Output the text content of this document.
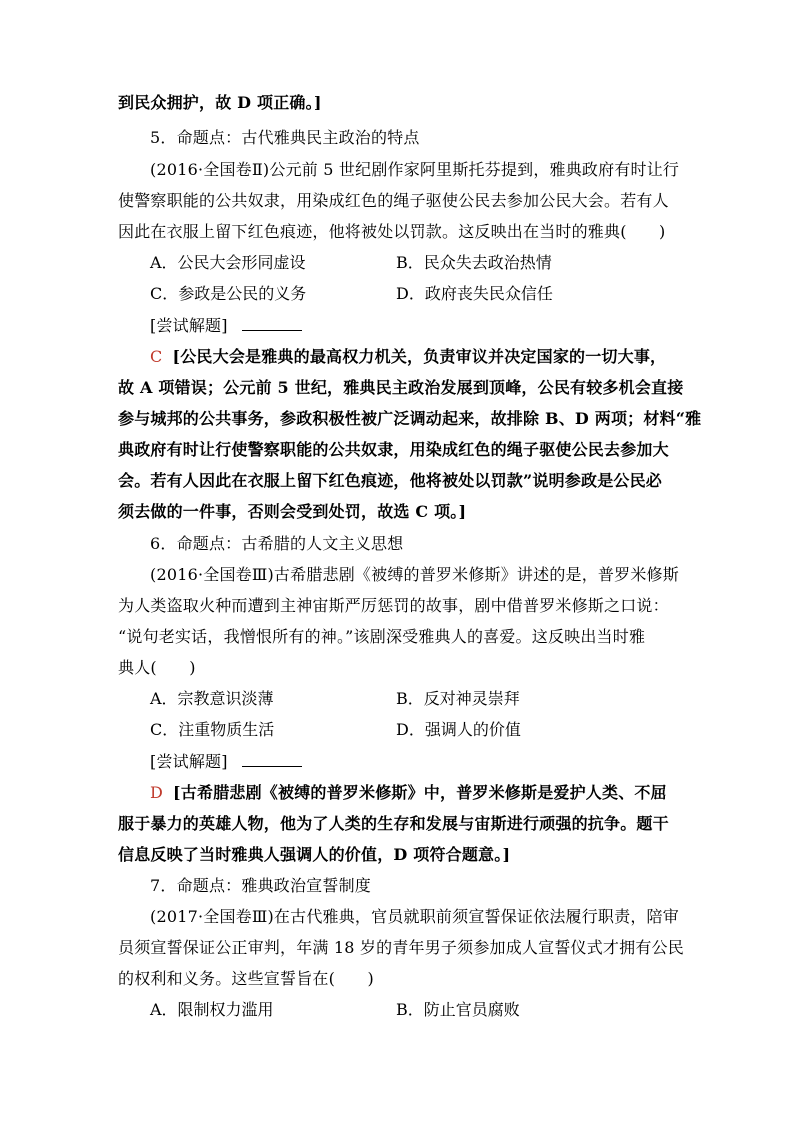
到民众拥护，故 D 项正确。]
5．命题点：古代雅典民主政治的特点
(2016·全国卷Ⅱ)公元前 5 世纪剧作家阿里斯托芬提到，雅典政府有时让行
使警察职能的公共奴隶，用染成红色的绳子驱使公民去参加公民大会。若有人
因此在衣服上留下红色痕迹，他将被处以罚款。这反映出在当时的雅典(　　)
A．公民大会形同虚设	B．民众失去政治热情
C．参政是公民的义务	D．政府丧失民众信任
[尝试解题]
C [公民大会是雅典的最高权力机关，负责审议并决定国家的一切大事，
故 A 项错误；公元前 5 世纪，雅典民主政治发展到顶峰，公民有较多机会直接
参与城邦的公共事务，参政积极性被广泛调动起来，故排除 B、D 两项；材料“雅
典政府有时让行使警察职能的公共奴隶，用染成红色的绳子驱使公民去参加大
会。若有人因此在衣服上留下红色痕迹，他将被处以罚款”说明参政是公民必
须去做的一件事，否则会受到处罚，故选 C 项。]
6．命题点：古希腊的人文主义思想
(2016·全国卷Ⅲ)古希腊悲剧《被缚的普罗米修斯》讲述的是，普罗米修斯
为人类盗取火种而遭到主神宙斯严厉惩罚的故事，剧中借普罗米修斯之口说：
“说句老实话，我憎恨所有的神。”该剧深受雅典人的喜爱。这反映出当时雅
典人(　　)
A．宗教意识淡薄	B．反对神灵崇拜
C．注重物质生活	D．强调人的价值
[尝试解题]
D [古希腊悲剧《被缚的普罗米修斯》中，普罗米修斯是爱护人类、不屈
服于暴力的英雄人物，他为了人类的生存和发展与宙斯进行顽强的抗争。题干
信息反映了当时雅典人强调人的价值，D 项符合题意。]
7．命题点：雅典政治宣誓制度
(2017·全国卷Ⅲ)在古代雅典，官员就职前须宣誓保证依法履行职责，陪审
员须宣誓保证公正审判，年满 18 岁的青年男子须参加成人宣誓仪式才拥有公民
的权利和义务。这些宣誓旨在(　　)
A．限制权力滥用	B．防止官员腐败
